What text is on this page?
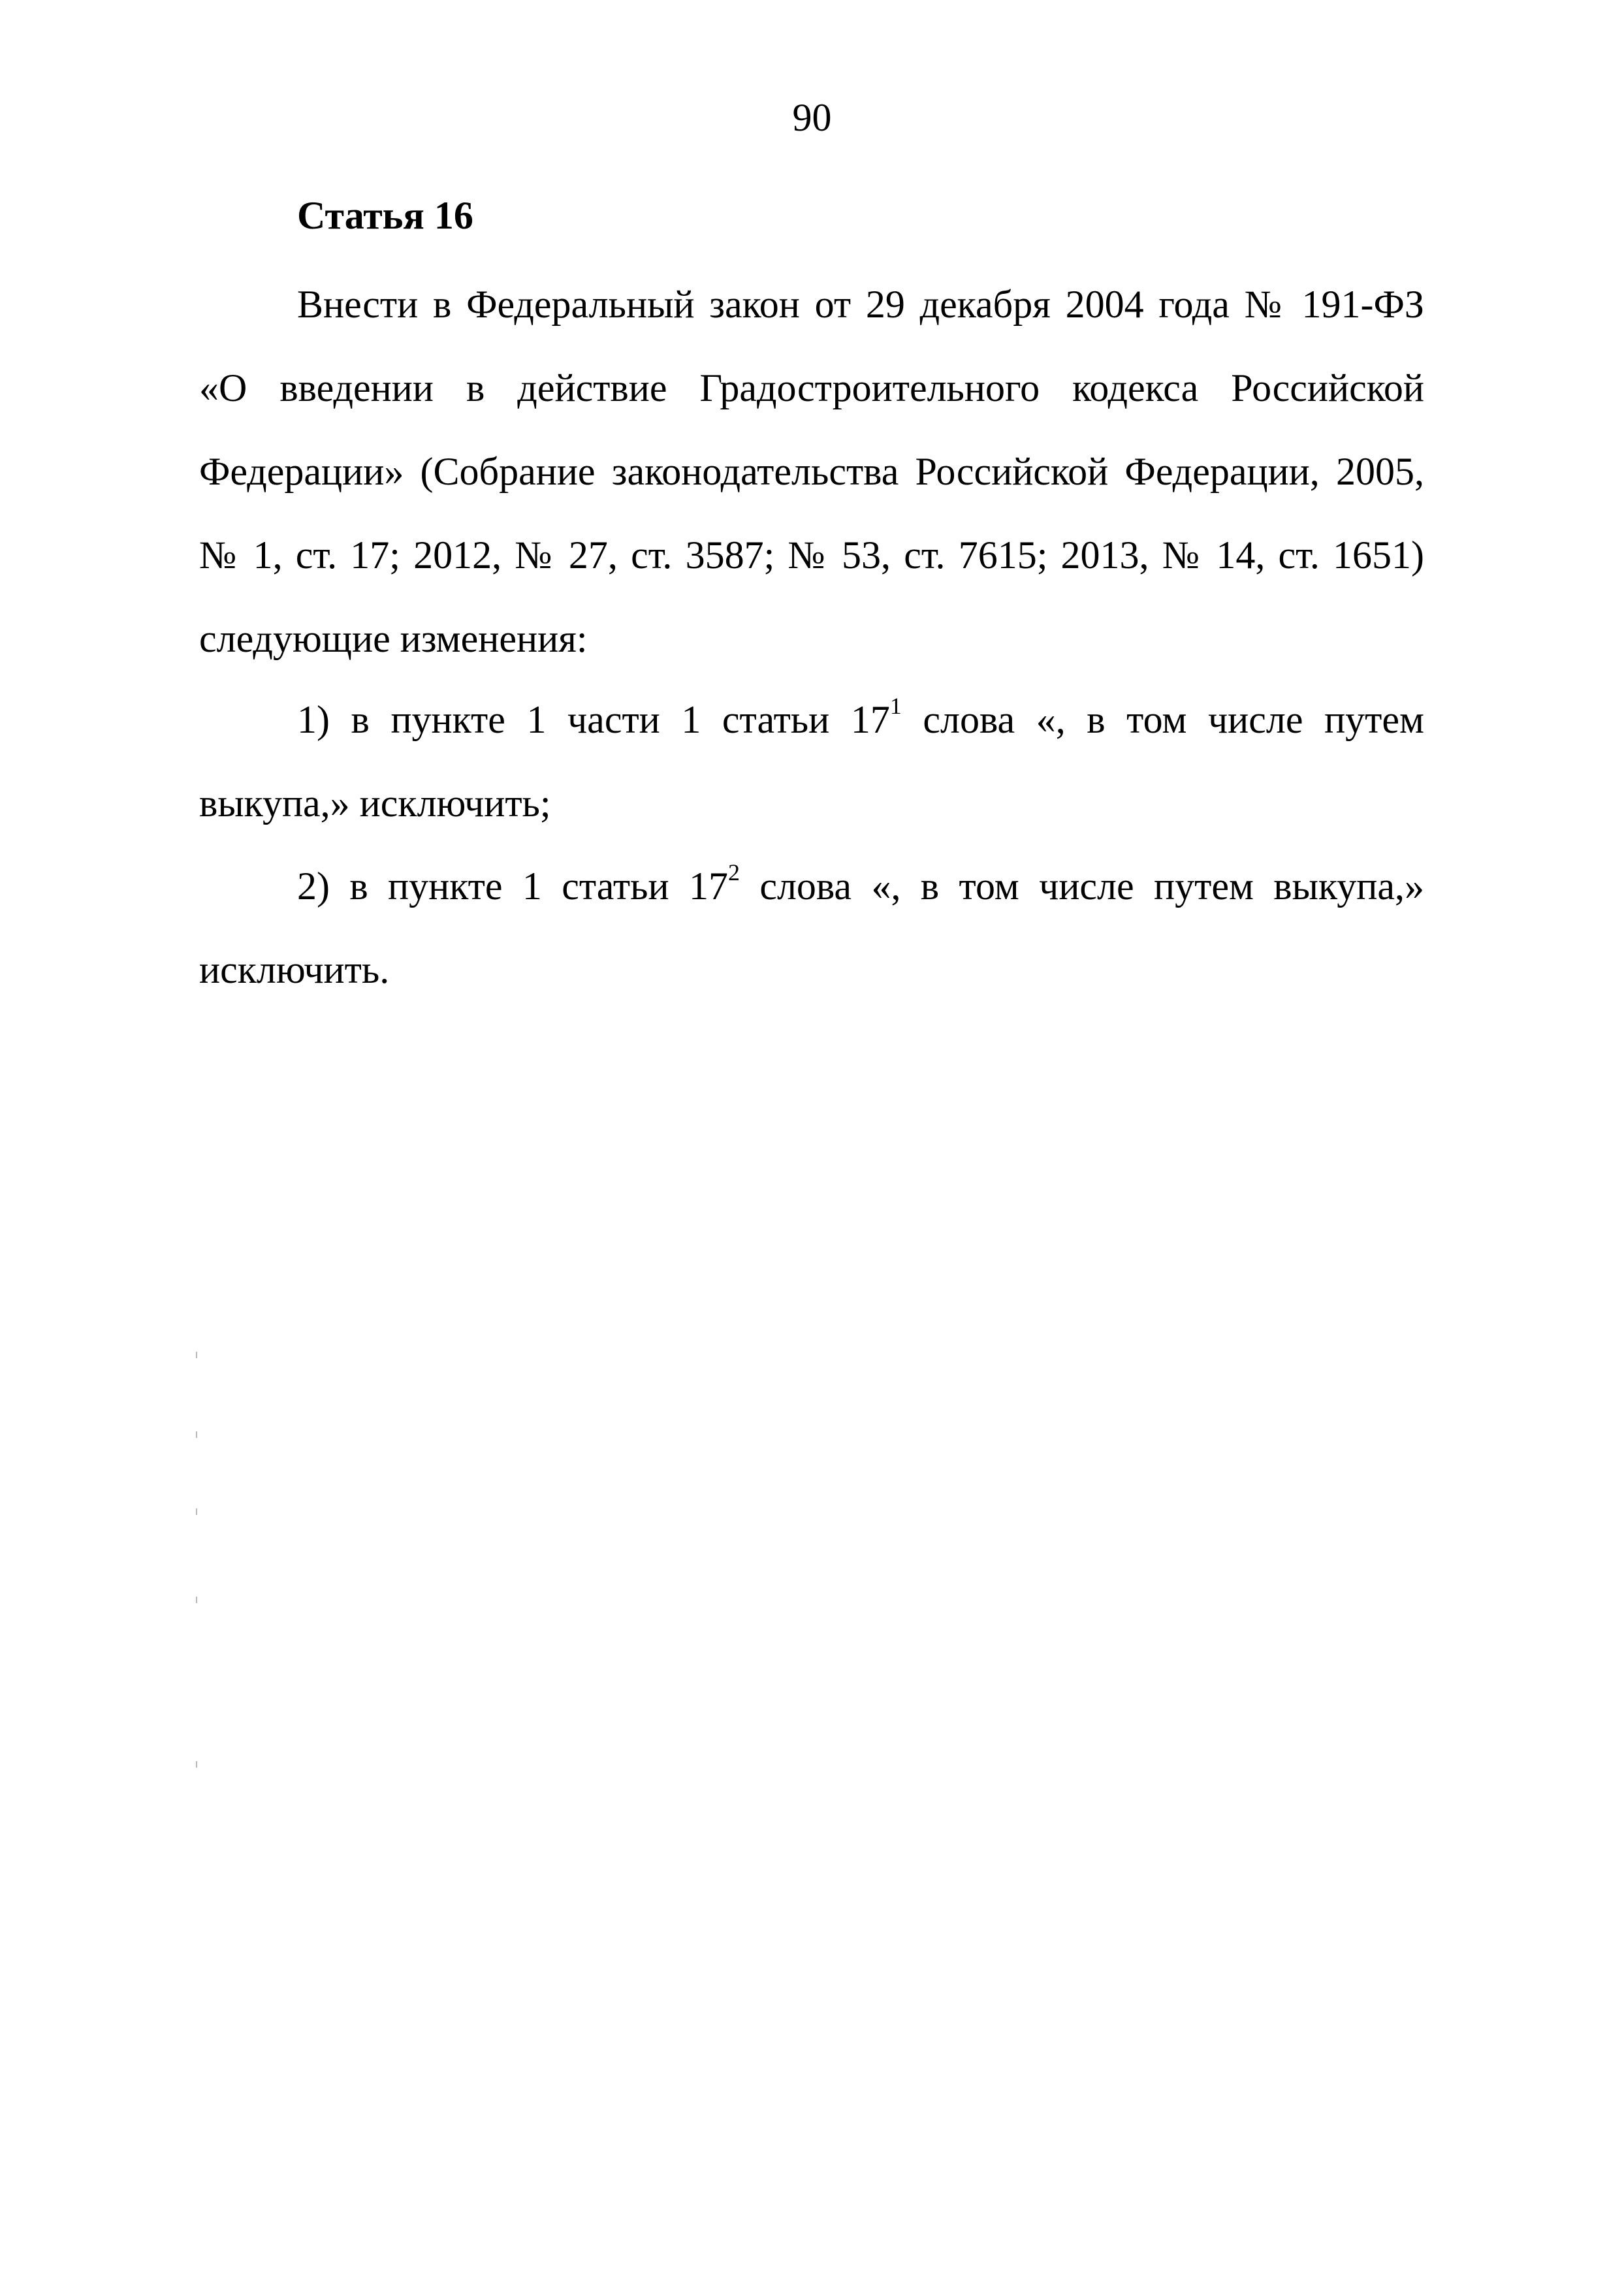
90
Статья 16

Внести в Федеральный закон от 29 декабря 2004 года № 191-ФЗ «О введении в действие Градостроительного кодекса Российской Федерации» (Собрание законодательства Российской Федерации, 2005, № 1, ст. 17; 2012, № 27, ст. 3587; № 53, ст. 7615; 2013, № 14, ст. 1651) следующие изменения:

1) в пункте 1 части 1 статьи $17^1$ слова «, в том числе путем выкупа,» исключить;

2) в пункте 1 статьи $17^2$ слова «, в том числе путем выкупа,» исключить.
